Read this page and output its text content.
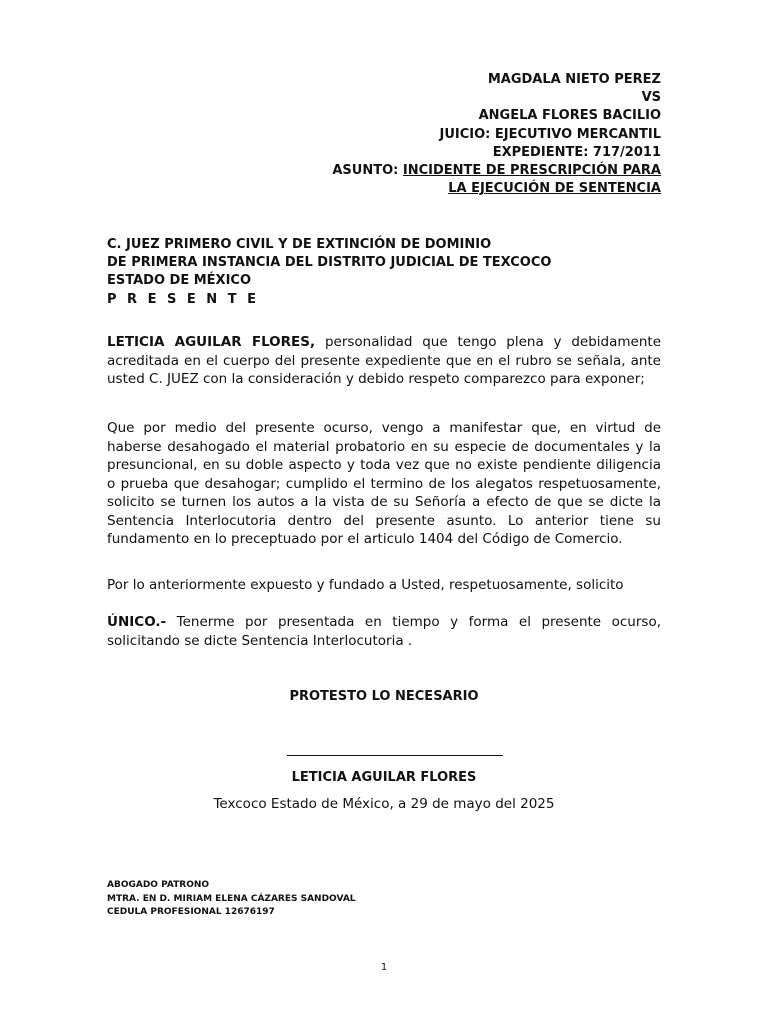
MAGDALA NIETO PEREZ
VS
ANGELA FLORES BACILIO
JUICIO: EJECUTIVO MERCANTIL
EXPEDIENTE: 717/2011
ASUNTO: INCIDENTE DE PRESCRIPCIÓN PARA
LA EJECUCIÓN DE SENTENCIA
C. JUEZ PRIMERO CIVIL Y DE EXTINCIÓN DE DOMINIO
DE PRIMERA INSTANCIA DEL DISTRITO JUDICIAL DE TEXCOCO
ESTADO DE MÉXICO
P R E S E N T E

LETICIA AGUILAR FLORES, personalidad que tengo plena y debidamente acreditada en el cuerpo del presente expediente que en el rubro se señala, ante usted C. JUEZ con la consideración y debido respeto comparezco para exponer;

Que por medio del presente ocurso, vengo a manifestar que, en virtud de haberse desahogado el material probatorio en su especie de documentales y la presuncional, en su doble aspecto y toda vez que no existe pendiente diligencia o prueba que desahogar; cumplido el termino de los alegatos respetuosamente, solicito se turnen los autos a la vista de su Señoría a efecto de que se dicte la Sentencia Interlocutoria dentro del presente asunto. Lo anterior tiene su fundamento en lo preceptuado por el articulo 1404 del Código de Comercio.

Por lo anteriormente expuesto y fundado a Usted, respetuosamente, solicito

ÚNICO.- Tenerme por presentada en tiempo y forma el presente ocurso, solicitando se dicte Sentencia Interlocutoria .

PROTESTO LO NECESARIO
LETICIA AGUILAR FLORES
Texcoco Estado de México, a 29 de mayo del 2025
ABOGADO PATRONO
MTRA. EN D. MIRIAM ELENA CÁZARES SANDOVAL
CEDULA PROFESIONAL 12676197
1
